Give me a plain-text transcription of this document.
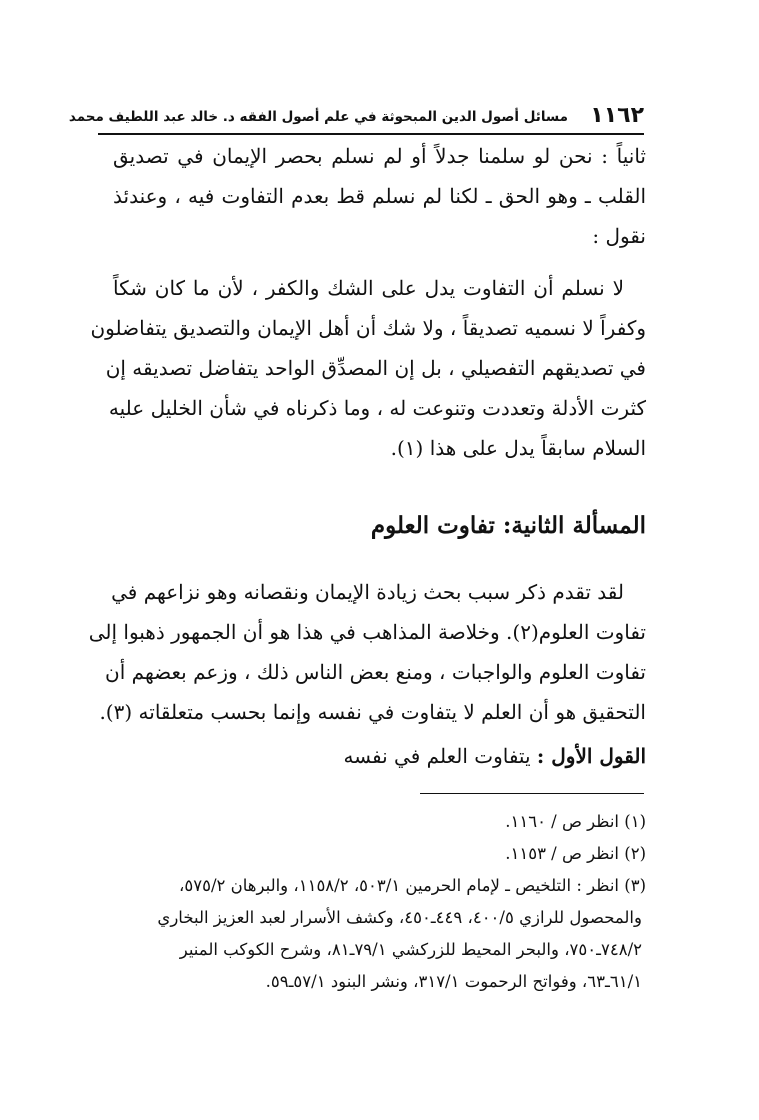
١١٦٢
مسائل أصول الدين المبحوثة في علم أصول الفقه د. خالد عبد اللطيف محمد
ثانياً : نحن لو سلمنا جدلاً أو لم نسلم بحصر الإيمان في تصديق
القلب ـ وهو الحق ـ لكنا لم نسلم قط بعدم التفاوت فيه ، وعندئذ
نقول :
لا نسلم أن التفاوت يدل على الشك والكفر ، لأن ما كان شكاً
وكفراً لا نسميه تصديقاً ، ولا شك أن أهل الإيمان والتصديق يتفاضلون
في تصديقهم التفصيلي ، بل إن المصدِّق الواحد يتفاضل تصديقه إن
كثرت الأدلة وتعددت وتنوعت له ، وما ذكرناه في شأن الخليل عليه
السلام سابقاً يدل على هذا (١).
المسألة الثانية: تفاوت العلوم
لقد تقدم ذكر سبب بحث زيادة الإيمان ونقصانه وهو نزاعهم في
تفاوت العلوم(٢). وخلاصة المذاهب في هذا هو أن الجمهور ذهبوا إلى
تفاوت العلوم والواجبات ، ومنع بعض الناس ذلك ، وزعم بعضهم أن
التحقيق هو أن العلم لا يتفاوت في نفسه وإنما بحسب متعلقاته (٣).

القول الأول : يتفاوت العلم في نفسه

(١) انظر ص / ١١٦٠.
(٢) انظر ص / ١١٥٣.
(٣) انظر : التلخيص ـ لإمام الحرمين ٥٠٣/١، ١١٥٨/٢، والبرهان ٥٧٥/٢،
والمحصول للرازي ٤٠٠/٥، ٤٤٩ـ٤٥٠، وكشف الأسرار لعبد العزيز البخاري
٧٤٨/٢ـ٧٥٠، والبحر المحيط للزركشي ٧٩/١ـ٨١، وشرح الكوكب المنير
٦١/١ـ٦٣، وفواتح الرحموت ٣١٧/١، ونشر البنود ٥٧/١ـ٥٩.
